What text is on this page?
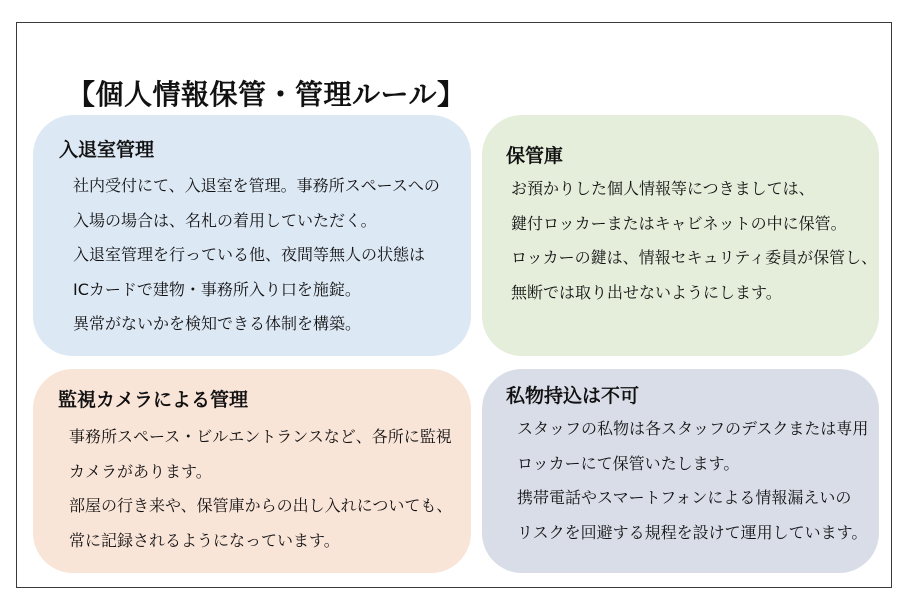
【個人情報保管・管理ルール】
入退室管理
社内受付にて、入退室を管理。事務所スペースへの
入場の場合は、名札の着用していただく。
入退室管理を行っている他、夜間等無人の状態は
ICカードで建物・事務所入り口を施錠。
異常がないかを検知できる体制を構築。
保管庫
お預かりした個人情報等につきましては、
鍵付ロッカーまたはキャビネットの中に保管。
ロッカーの鍵は、情報セキュリティ委員が保管し、
無断では取り出せないようにします。
監視カメラによる管理
事務所スペース・ビルエントランスなど、各所に監視
カメラがあります。
部屋の行き来や、保管庫からの出し入れについても、
常に記録されるようになっています。
私物持込は不可
スタッフの私物は各スタッフのデスクまたは専用
ロッカーにて保管いたします。
携帯電話やスマートフォンによる情報漏えいの
リスクを回避する規程を設けて運用しています。
